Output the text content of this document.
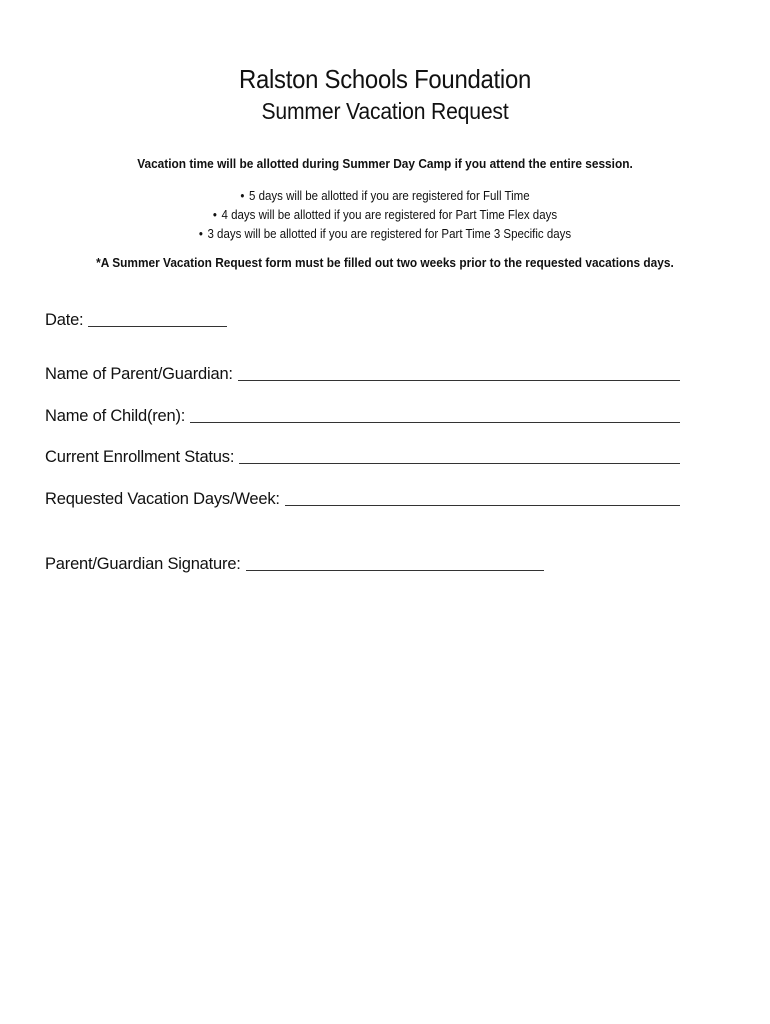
Ralston Schools Foundation
Summer Vacation Request
Vacation time will be allotted during Summer Day Camp if you attend the entire session.
• 5 days will be allotted if you are registered for Full Time
• 4 days will be allotted if you are registered for Part Time Flex days
• 3 days will be allotted if you are registered for Part Time 3 Specific days
*A Summer Vacation Request form must be filled out two weeks prior to the requested vacations days.
Date:
Name of Parent/Guardian:
Name of Child(ren):
Current Enrollment Status:
Requested Vacation Days/Week:
Parent/Guardian Signature:
